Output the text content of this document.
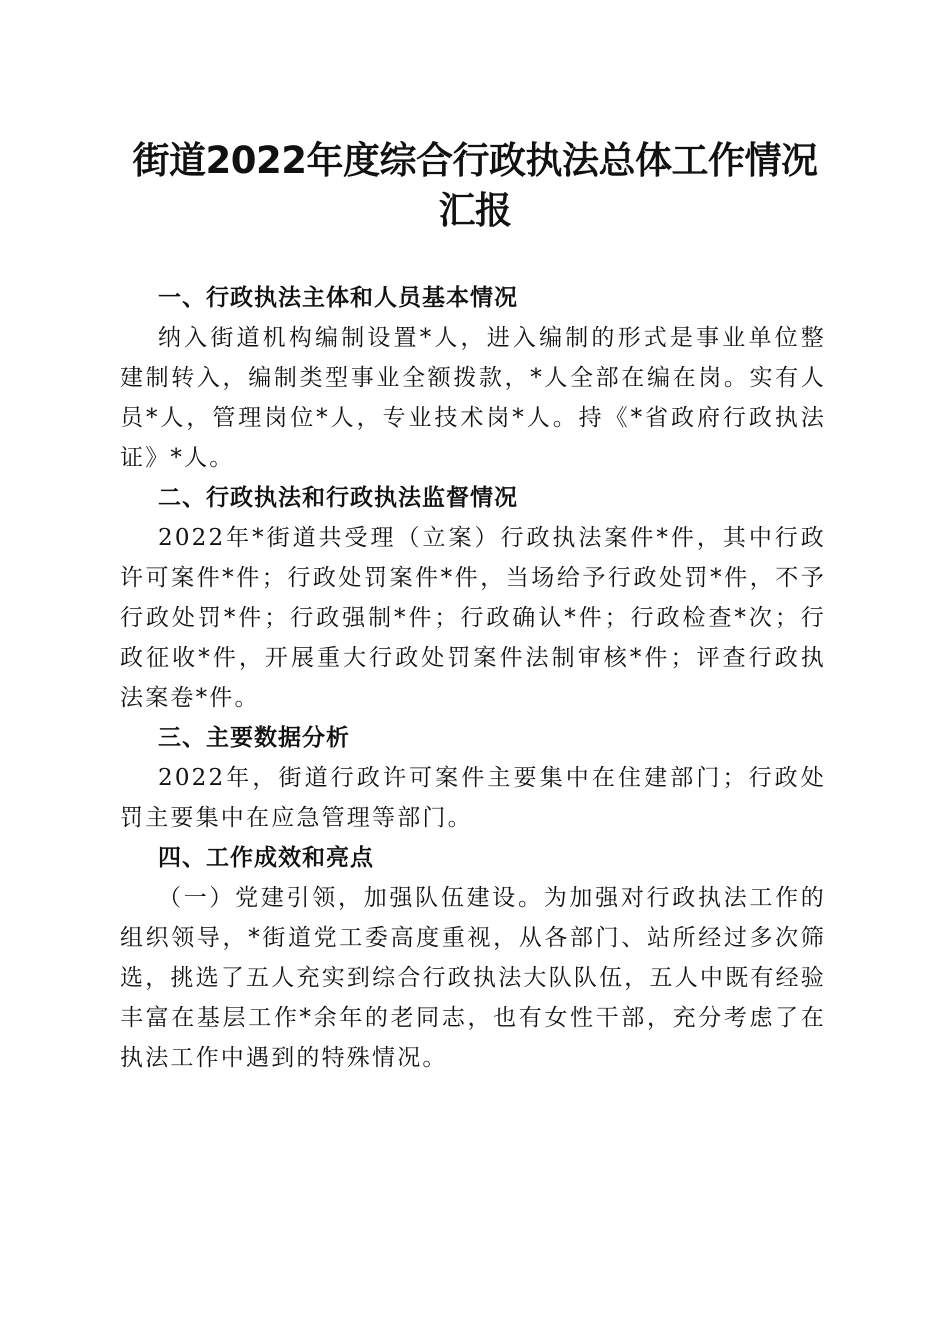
街道2022年度综合行政执法总体工作情况汇报
一、行政执法主体和人员基本情况

纳入街道机构编制设置*人，进入编制的形式是事业单位整建制转入，编制类型事业全额拨款，*人全部在编在岗。实有人员*人，管理岗位*人，专业技术岗*人。持《*省政府行政执法证》*人。

二、行政执法和行政执法监督情况

2022年*街道共受理（立案）行政执法案件*件，其中行政许可案件*件；行政处罚案件*件，当场给予行政处罚*件，不予行政处罚*件；行政强制*件；行政确认*件；行政检查*次；行政征收*件，开展重大行政处罚案件法制审核*件；评查行政执法案卷*件。

三、主要数据分析

2022年，街道行政许可案件主要集中在住建部门；行政处罚主要集中在应急管理等部门。

四、工作成效和亮点

（一）党建引领，加强队伍建设。为加强对行政执法工作的组织领导，*街道党工委高度重视，从各部门、站所经过多次筛选，挑选了五人充实到综合行政执法大队队伍，五人中既有经验丰富在基层工作*余年的老同志，也有女性干部，充分考虑了在执法工作中遇到的特殊情况。
